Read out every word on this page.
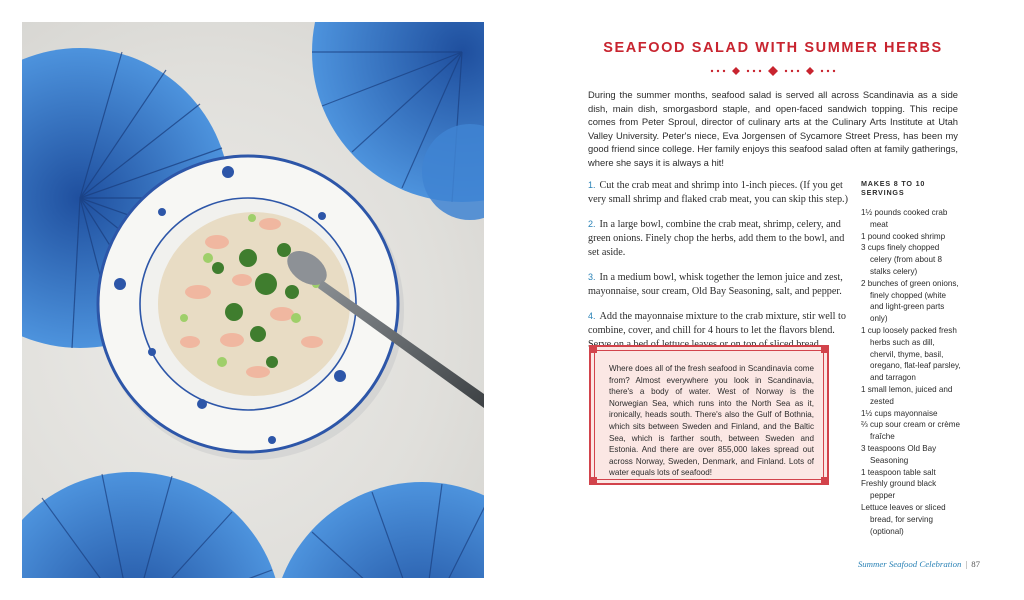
SEAFOOD SALAD WITH SUMMER HERBS

During the summer months, seafood salad is served all across Scandinavia as a side dish, main dish, smorgasbord staple, and open-faced sandwich topping. This recipe comes from Peter Sproul, director of culinary arts at the Culinary Arts Institute at Utah Valley University. Peter's niece, Eva Jorgensen of Sycamore Street Press, has been my good friend since college. Her family enjoys this seafood salad often at family gatherings, where she says it is always a hit!

1. Cut the crab meat and shrimp into 1-inch pieces. (If you get very small shrimp and flaked crab meat, you can skip this step.)

2. In a large bowl, combine the crab meat, shrimp, celery, and green onions. Finely chop the herbs, add them to the bowl, and set aside.

3. In a medium bowl, whisk together the lemon juice and zest, mayonnaise, sour cream, Old Bay Seasoning, salt, and pepper.

4. Add the mayonnaise mixture to the crab mixture, stir well to combine, cover, and chill for 4 hours to let the flavors blend.

Where does all of the fresh seafood in Scandinavia come from? Almost everywhere you look in Scandinavia, there's a body of water. West of Norway is the Norwegian Sea, which runs into the North Sea as it, ironically, heads south. There's also the Gulf of Bothnia, which sits between Sweden and Finland, and the Baltic Sea, which is farther south, between Sweden and Estonia. And there are over 855,000 lakes spread out across Norway, Sweden, Denmark, and Finland. Lots of water equals lots of seafood!

MAKES 8 TO 10 SERVINGS

1½ pounds cooked crab meat

1 pound cooked shrimp

3 cups finely chopped celery (from about 8 stalks celery)

2 bunches of green onions, finely chopped (white and light-green parts only)

1 cup loosely packed fresh herbs such as dill, chervil, thyme, basil, oregano, flat-leaf parsley, and tarragon

1 small lemon, juiced and zested

1½ cups mayonnaise

⅔ cup sour cream or crème fraîche

3 teaspoons Old Bay Seasoning

1 teaspoon table salt

Freshly ground black pepper

Lettuce leaves or sliced bread, for serving (optional)

Summer Seafood Celebration | 87
